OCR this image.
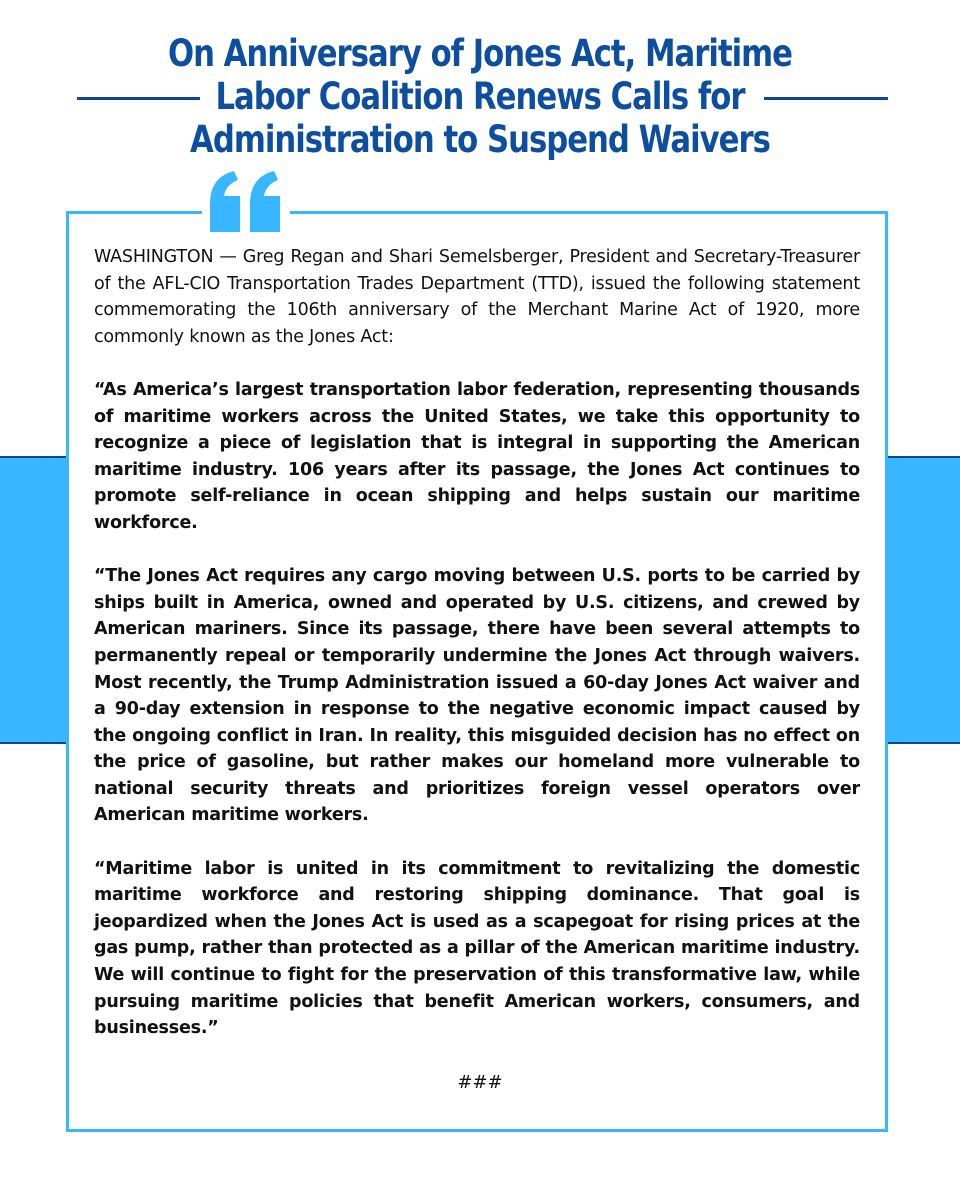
On Anniversary of Jones Act, Maritime
Labor Coalition Renews Calls for
Administration to Suspend Waivers

WASHINGTON — Greg Regan and Shari Semelsberger, President and Secretary-Treasurer of the AFL-CIO Transportation Trades Department (TTD), issued the following statement commemorating the 106th anniversary of the Merchant Marine Act of 1920, more commonly known as the Jones Act:

“As America’s largest transportation labor federation, representing thousands of maritime workers across the United States, we take this opportunity to recognize a piece of legislation that is integral in supporting the American maritime industry. 106 years after its passage, the Jones Act continues to promote self-reliance in ocean shipping and helps sustain our maritime workforce.

“The Jones Act requires any cargo moving between U.S. ports to be carried by ships built in America, owned and operated by U.S. citizens, and crewed by American mariners. Since its passage, there have been several attempts to permanently repeal or temporarily undermine the Jones Act through waivers. Most recently, the Trump Administration issued a 60-day Jones Act waiver and a 90-day extension in response to the negative economic impact caused by the ongoing conflict in Iran. In reality, this misguided decision has no effect on the price of gasoline, but rather makes our homeland more vulnerable to national security threats and prioritizes foreign vessel operators over American maritime workers.

“Maritime labor is united in its commitment to revitalizing the domestic maritime workforce and restoring shipping dominance. That goal is jeopardized when the Jones Act is used as a scapegoat for rising prices at the gas pump, rather than protected as a pillar of the American maritime industry. We will continue to fight for the preservation of this transformative law, while pursuing maritime policies that benefit American workers, consumers, and businesses.”

###
